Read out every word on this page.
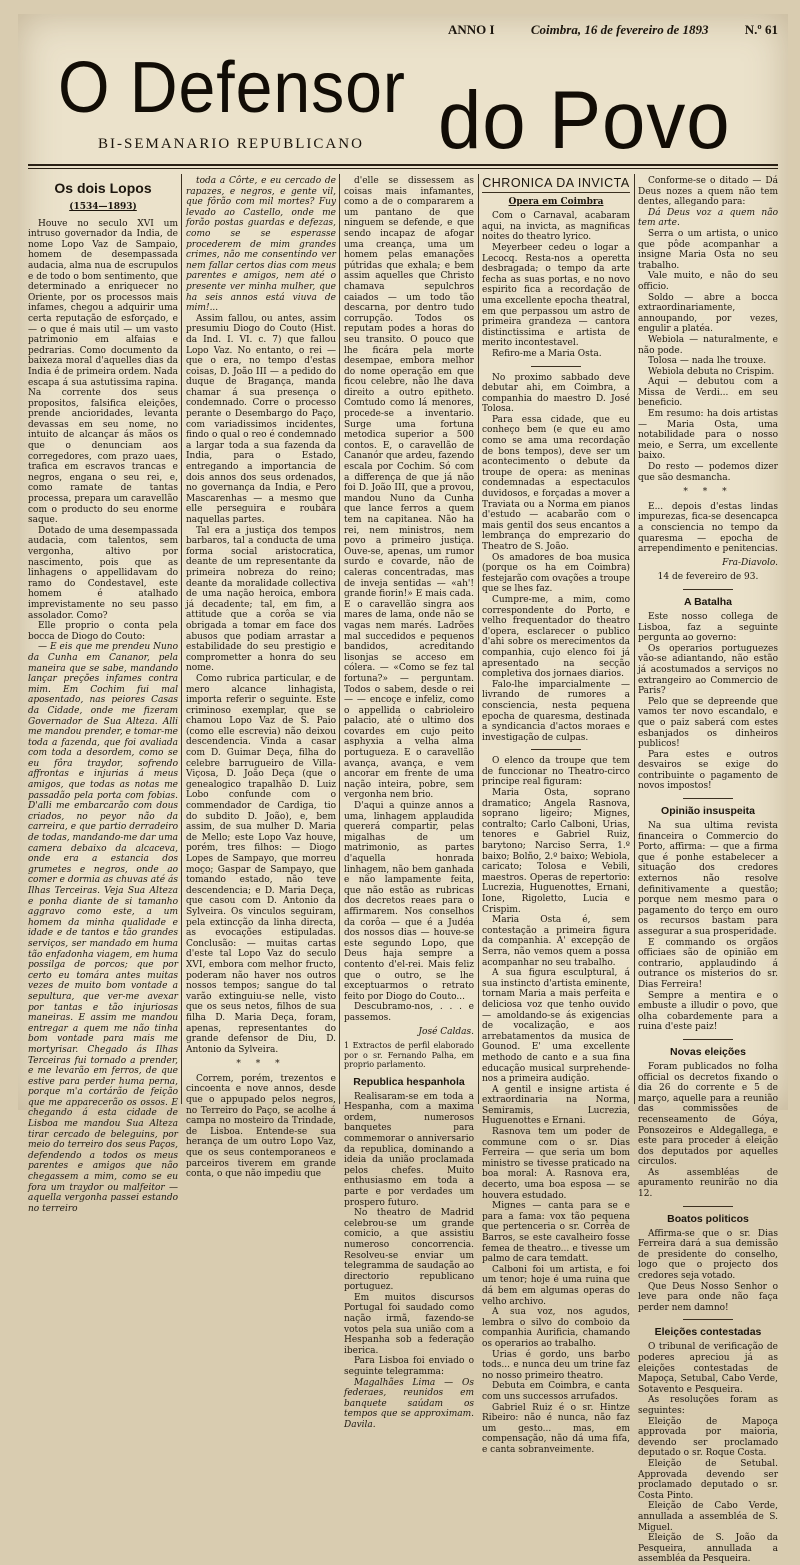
ANNO I	Coimbra, 16 de fevereiro de 1893	N.º 61
O Defensor do Povo
BI-SEMANARIO REPUBLICANO
Os dois Lopos
(1534—1893)

Houve no seculo XVI um intruso governador da India, de nome Lopo Vaz de Sampaio, homem de desempassada audacia, alma nua de escrupulos e de todo o bom sentimento, que determinado a enriquecer no Oriente, por os processos mais infames, chegou a adquirir uma certa reputação de esforçado, e — o que é mais util — um vasto patrimonio em alfaias e pedrarias. Como documento da baixeza moral d'aquelles dias da India é de primeira ordem. Nada escapa á sua astutissima rapina. Na corrente dos seus propositos, falsifica eleições, prende ancioridades, levanta devassas em seu nome, no intuito de alcançar ás mãos os que o denunciam aos corregedores, com prazo uaes, trafica em escravos trancas e negros, engana o seu rei, e, como ramate de tantas processa, prepara um caravellão com o producto do seu enorme saque.

Dotado de uma desempassada audacia, com talentos, sem vergonha, altivo por nascimento, pois que as linhagens o appellidavam do ramo do Condestavel, este homem é atalhado imprevistamente no seu passo assolador. Como?

Elle proprio o conta pela bocca de Diogo do Couto:

— E eis que me prendeu Nuno da Cunha em Cananor, pela maneira que se sabe, mandando lançar preções infames contra mim. Em Cochim fui mal aposentado, nas peiores Casas da Cidade, onde me fizeram Governador de Sua Alteza. Alli me mandou prender, e tomar-me toda a fazenda, que foi avaliada com toda a desordem, como se eu fôra traydor, sofrendo affrontas e injurias á meus amigos, que todas as notas me passadão pela porta com fobias. D'alli me embarcarão com dous criados, no peyor não da carreira, e que partio derradeiro de todas, mandando-me dar uma camera debaixo da alcaceva, onde era a estancia dos grumetes e negros, onde ao comer e dormia as chuvas até ás Ilhas Terceiras. Veja Sua Alteza e ponha diante de si tamanho aggravo como este, a um homem da minha qualidade e idade e de tantos e tão grandes serviços, ser mandado em huma tão enfadonha viagem, em huma possilga de porcos; que por certo eu tomára antes muitas vezes de muito bom vontade a sepultura, que ver-me avexar por tantas e tão injuriosas maneiras. E assim me mandou entregar a quem me não tinha bom vontade para mais me mortyrisar. Chegado ás Ilhas Terceiras fui tornado a prender, e me levarão em ferros, de que estive para perder huma perna, porque m'a cortárão de feição que me apparecerão os ossos. E chegando á esta cidade de Lisboa me mandou Sua Alteza tirar cercado de beleguins, por meio do terreiro dos seus Paços, defendendo a todos os meus parentes e amigos que não chegassem a mim, como se eu fora um traydor ou malfeitor — aquella vergonha passei estando no terreiro

toda a Côrte, e eu cercado de rapazes, e negros, e gente vil, que fôrão com mil mortes? Fuy levado ao Castello, onde me forão postas guardas e defezas, como se se esperasse procederem de mim grandes crimes, não me consentindo ver nem fallar certos dias com meus parentes e amigos, nem até o presente ver minha mulher, que ha seis annos está viuva de mim!...

Assim fallou, ou antes, assim presumiu Diogo do Couto (Hist. da Ind. I. VI. c. 7) que fallou Lopo Vaz. No entanto, o rei — que o era, no tempo d'estas coisas, D. João III — a pedido do duque de Bragança, manda chamar á sua presença o condemnado. Corre o processo perante o Desembargo do Paço, com variadissimos incidentes, findo o qual o reo é condemnado a largar toda a sua fazenda da India, para o Estado, entregando a importancia de dois annos dos seus ordenados, no governança da India, e Pero Mascarenhas — a mesmo que elle perseguira e roubára naquellas partes.

Tal era a justiça dos tempos barbaros, tal a conducta de uma forma social aristocratica, deante de um representante da primeira nobreza do reino; deante da moralidade collectiva de uma nação heroica, embora já decadente; tal, em fim, a attitude que a corôa se via obrigada a tomar em face dos abusos que podiam arrastar a estabilidade do seu prestigio e comprometter a honra do seu nome.

Como rubrica particular, e de mero alcance linhagista, importa referir o seguinte. Este criminoso exemplar, que se chamou Lopo Vaz de S. Paio (como elle escrevia) não deixou descendencia. Vinda a casar com D. Guimar Deça, filha do celebre barrugueiro de Villa-Viçosa, D. João Deça (que o genealogico trapalhão D. Luiz Lobo confunde com o commendador de Cardiga, tio do subdito D. João), e, bem assim, de sua mulher D. Maria de Mello; este Lopo Vaz houve, porém, tres filhos: — Diogo Lopes de Sampayo, que morreu moço; Gaspar de Sampayo, que tomando estado, não teve descendencia; e D. Maria Deça, que casou com D. Antonio da Sylveira. Os vinculos seguiram, pela extincção da linha directa, as evocações estipuladas. Conclusão: — muitas cartas d'este tal Lopo Vaz do seculo XVI, embora com melhor fructo, poderam não haver nos outros nossos tempos; sangue do tal varão extinguiu-se nelle, visto que os seus netos, filhos de sua filha D. Maria Deça, foram, apenas, representantes do grande defensor de Diu, D. Antonio da Sylveira.

* * *

Correm, porém, trezentos e cincoenta e nove annos, desde que o appupado pelos negros, no Terreiro do Paço, se acolhe á campa no mosteiro da Trindade, de Lisboa. Entende-se sua herança de um outro Lopo Vaz, que os seus contemporaneos e parceiros tiverem em grande conta, o que não impediu que

d'elle se dissessem as coisas mais infamantes, como a de o compararem a um pantano de que ninguem se defende, e que sendo incapaz de afogar uma creança, uma um homem pelas emanações pútridas que exhala; e bem assim aquelles que Christo chamava sepulchros caiados — um todo tão descarna, por dentro tudo corrupção. Todos os reputam podes a horas do seu transito. O pouco que lhe ficára pela morte desempae, embora melhor do nome operação em que ficou celebre, não lhe dava direito a outro epitheto. Comtudo como lá menores, procede-se a inventario. Surge uma fortuna metodica superior a 500 contos. E, o caravellão de Cananór que ardeu, fazendo escala por Cochim. Só com a differença de que já não foi D. João III, que a provou, mandou Nuno da Cunha que lance ferros a quem tem na capitanea. Não ha rei, nem ministros, nem povo a primeiro justiça. Ouve-se, apenas, um rumor surdo e covarde, não de caleras concentradas, mas de inveja sentidas — «ah'! grande fiorin!» E mais cada. E o caravellão singra aos mares de lama, onde não se vagas nem marés. Ladrões mal succedidos e pequenos bandidos, acreditando lisonjas se acceso em cólera. — «Como se fez tal fortuna?» — perguntam. Todos o sabem, desde o rei — — encoçe e infeliz, como o appellida o cabrioleiro palacio, até o ultimo dos covardes em cujo peito asphyxia a velha alma portugueza. E o caravellão avança, avança, e vem ancorar em frente de uma nação inteira, pobre, sem vergonha nem brio.

D'aqui a quinze annos a uma, linhagem applaudida quererá compartir, pelas migalhas de um matrimonio, as partes d'aquella honrada linhagem, não bem ganhada e não lampamente feita, que não estão as rubricas dos decretos reaes para o affirmarem. Nos conselhos da corôa — que é a Judéa dos nossos dias — houve-se este segundo Lopo, que Deus haja sempre a contento d'el-rei. Mais feliz que o outro, se lhe exceptuarmos o retrato feito por Diogo do Couto...

Descubramo-nos, . . . e passemos.

José Caldas.
1 Extractos de perfil elaborado por o sr. Fernando Palha, em proprio parlamento.
Republica hespanhola

Realisaram-se em toda a Hespanha, com a maxima ordem, numerosos banquetes para commemorar o anniversario da republica, dominando a ideia da união proclamada pelos chefes. Muito enthusiasmo em toda a parte e por verdades um prospero futuro.

No theatro de Madrid celebrou-se um grande comicio, a que assistiu numeroso concorrencia. Resolveu-se enviar um telegramma de saudação ao directorio republicano portuguez.

Em muitos discursos Portugal foi saudado como nação irmã, fazendo-se votos pela sua união com a Hespanha sob a federação iberica.

Para Lisboa foi enviado o seguinte telegramma:

Magalhães Lima — Os federaes, reunidos em banquete saúdam os tempos que se approximam. Davila.

CHRONICA DA INVICTA
Opera em Coimbra

Com o Carnaval, acabaram aqui, na invicta, as magnificas noites do theatro lyrico.

Meyerbeer cedeu o logar a Lecocq. Resta-nos a operetta desbragada; o tempo da arte fecha as suas portas, e no novo espirito fica a recordação de uma excellente epocha theatral, em que perpassou um astro de primeira grandeza — cantora distinctissima e artista de merito incontestavel.

Refiro-me a Maria Osta.

No proximo sabbado deve debutar ahi, em Coimbra, a companhia do maestro D. José Tolosa.

Para essa cidade, que eu conheço bem (e que eu amo como se ama uma recordação de bons tempos), deve ser um acontecimento o debute da troupe de opera: as meninas condemnadas a espectaculos duvidosos, e forçadas a mover a Traviata ou a Norma em pianos d'estudo — acabarão com o mais gentil dos seus encantos a lembrança do emprezario do Theatro de S. João.

Os amadores de boa musica (porque os ha em Coimbra) festejarão com ovações a troupe que se lhes faz.

Cumpre-me, a mim, como correspondente do Porto, e velho frequentador do theatro d'opera, esclarecer o publico d'ahi sobre os merecimentos da companhia, cujo elenco foi já apresentado na secção completiva dos jornaes diarios.

Falo-lhe imparcialmente — livrando de rumores a consciencia, nesta pequena epocha de quaresma, destinada a syndicancia d'actos moraes e investigação de culpas.

O elenco da troupe que tem de funccionar no Theatro-circo principe real figuram:

Maria Osta, soprano dramatico; Angela Rasnova, soprano ligeiro; Mignes, contralto; Carlo Calboni, Urias, tenores e Gabriel Ruiz, barytono; Narciso Serra, 1.º baixo; Bolño, 2.º baixo; Webiola, caricato; Tolosa e Vebili, maestros. Operas de repertorio: Lucrezia, Huguenottes, Ernani, Ione, Rigoletto, Lucia e Crispim.

Maria Osta é, sem contestação a primeira figura da companhia. A' excepção de Serra, não vemos quem a possa acompanhar no seu trabalho.

A sua figura esculptural, á sua instincto d'artista eminente, tornam Maria a mais perfeita e deliciosa voz que tenho ouvido — amoldando-se ás exigencias de vocalização, e aos arrebatamentos da musica de Gounod. E' uma excellente methodo de canto e a sua fina educação musical surprehende-nos a primeira audição.

A gentil e insigne artista é extraordinaria na Norma, Semiramis, Lucrezia, Huguenottes e Ernani.

Rasnova tem um poder de commune com o sr. Dias Ferreira — que seria um bom ministro se tivesse praticado na boa moral: A. Rasnova era, decerto, uma boa esposa — se houvera estudado.

Mignes — canta para se e para a fama: vox tão pequena que pertenceria o sr. Corrêa de Barros, se este cavalheiro fosse femea de theatro... e tivesse um palmo de cara temdatt.

Calboni foi um artista, e foi um tenor; hoje é uma ruina que dá bem em algumas operas do velho archivo.

A sua voz, nos agudos, lembra o silvo do comboio da companhia Aurificia, chamando os operarios ao trabalho.

Urias é gordo, uns barbo tods... e nunca deu um trine faz no nosso primeiro theatro.

Debuta em Coimbra, e canta com uns successos arrufados.

Gabriel Ruiz é o sr. Hintze Ribeiro: não é nunca, não faz um gesto... mas, em compensação, não dá uma fifa, e canta sobranveimente.

Conforme-se o ditado — Dá Deus nozes a quem não tem dentes, allegando para:

Dá Deus voz a quem não tem arte.

Serra o um artista, o unico que pôde acompanhar a insigne Maria Osta no seu trabalho.

Vale muito, e não do seu officio.

Soldo — abre a bocca extraordinariamente, annoupando, por vezes, engulir a platéa.

Webiola — naturalmente, e não pode.

Tolosa — nada lhe trouxe.

Webiola debuta no Crispim.

Aqui — debutou com a Missa de Verdi... em seu beneficio.

Em resumo: ha dois artistas — Maria Osta, uma notabilidade para o nosso meio, e Serra, um excellente baixo.

Do resto — podemos dizer que são desmancha.

* * *

E... depois d'estas lindas impurezas, fica-se desencapca a consciencia no tempo da quaresma — epocha de arrependimento e penitencias.

Fra-Diavolo.
14 de fevereiro de 93.
A Batalha

Este nosso collega de Lisboa, faz a seguinte pergunta ao governo:

Os operarios portuguezes vão-se adiantando, não estão já acostumados a serviços no extrangeiro ao Commercio de Paris?

Pelo que se depreende que vamos ter novo escandalo, e que o paiz saberá com estes esbanjados os dinheiros publicos!

Para estes e outros desvairos se exige do contribuinte o pagamento de novos impostos!

Opinião insuspeita

Na sua ultima revista financeira o Commercio do Porto, affirma: — que a firma que é ponhe estabelecer a situação dos credores externos não resolve definitivamente a questão; porque nem mesmo para o pagamento do terço em ouro os recursos bastam para assegurar a sua prosperidade.

E commando os orgãos officiaes são de opinião em contrario, applaudindo á outrance os misterios do sr. Dias Ferreira!

Sempre a mentira e o embuste a illudir o povo, que olha cobardemente para a ruina d'este paiz!

Novas eleições

Foram publicados no folha official os decretos fixando o dia 26 do corrente e 5 de março, aquelle para a reunião das commissões de recenseamento de Góya, Ponsozeiros e Aldegallega, e este para proceder á eleição dos deputados por aquelles circulos.

As assembléas de apuramento reunirão no dia 12.

Boatos politicos

Affirma-se que o sr. Dias Ferreira dará a sua demissão de presidente do conselho, logo que o projecto dos credores seja votado.

Que Deus Nosso Senhor o leve para onde não faça perder nem damno!

Eleições contestadas

O tribunal de verificação de poderes apreciou já as eleições contestadas de Mapoça, Setubal, Cabo Verde, Sotavento e Pesqueira.

As resoluções foram as seguintes:

Eleição de Mapoça approvada por maioria, devendo ser proclamado deputado o sr. Roque Costa.

Eleição de Setubal. Approvada devendo ser proclamado deputado o sr. Costa Pinto.

Eleição de Cabo Verde, annullada a assembléa de S. Miguel.

Eleição de S. João da Pesqueira, annullada a assembléa da Pesqueira.
